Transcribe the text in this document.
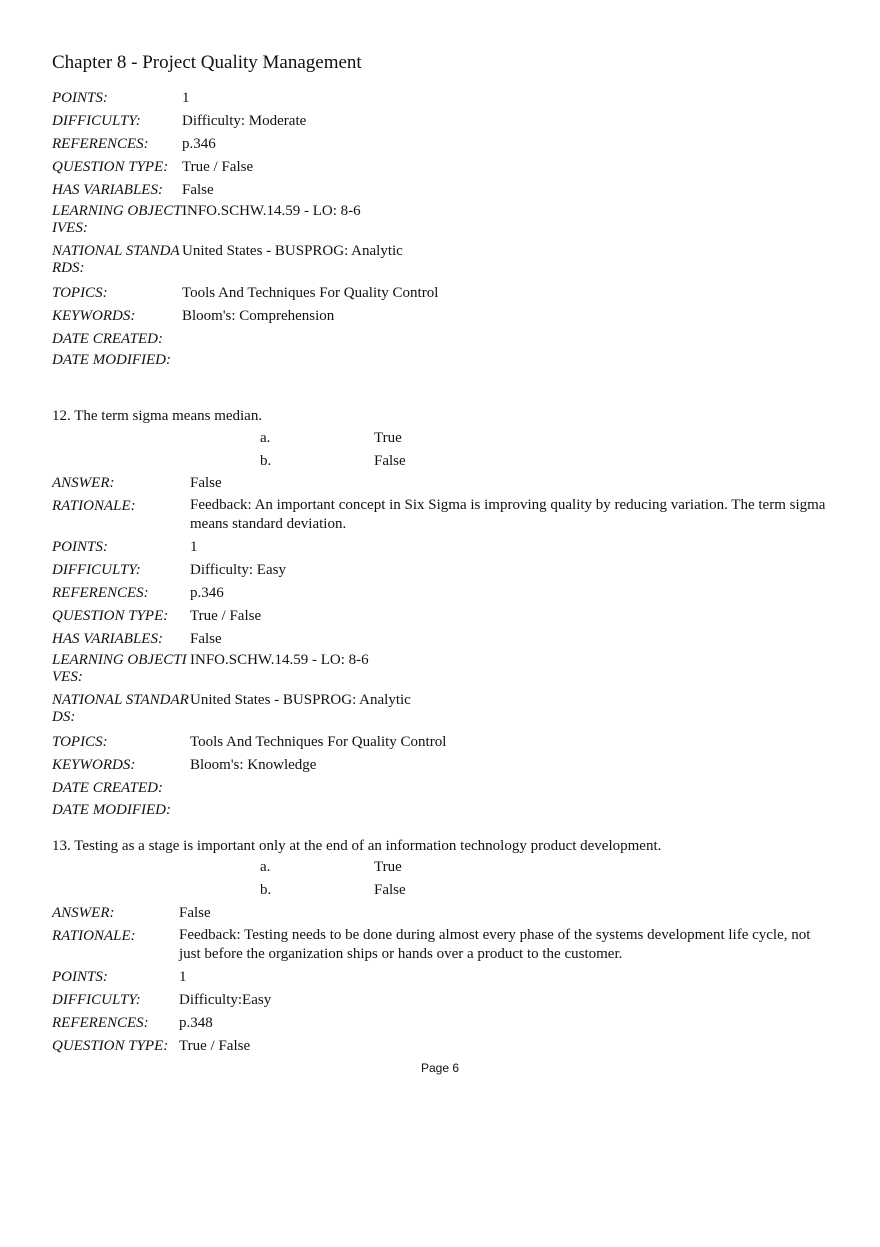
Chapter 8 - Project Quality Management
POINTS:	1
DIFFICULTY:	Difficulty: Moderate
REFERENCES: p.346
QUESTION TYPE: True / False
HAS VARIABLES: False
LEARNING OBJECTIVES:
INFO.SCHW.14.59 - LO: 8-6
NATIONAL STANDARDS:
United States - BUSPROG: Analytic
TOPICS:	Tools And Techniques For Quality Control
KEYWORDS:	Bloom's: Comprehension
DATE CREATED:
DATE MODIFIED:

12. The term sigma means median.

a.	True
b.	False
ANSWER:	False
RATIONALE:	Feedback: An important concept in Six Sigma is improving quality by reducing variation. The term sigma means standard deviation.
POINTS:	1
DIFFICULTY:	Difficulty: Easy
REFERENCES:	p.346
QUESTION TYPE: True / False
HAS VARIABLES: False
LEARNING OBJECTIVES:
INFO.SCHW.14.59 - LO: 8-6
NATIONAL STANDARDS:
United States - BUSPROG: Analytic
TOPICS:	Tools And Techniques For Quality Control
KEYWORDS:	Bloom's: Knowledge
DATE CREATED:
DATE MODIFIED:

13. Testing as a stage is important only at the end of an information technology product development.

a.	True
b.	False
ANSWER:	False
RATIONALE:	Feedback: Testing needs to be done during almost every phase of the systems development life cycle, not just before the organization ships or hands over a product to the customer.
POINTS:	1
DIFFICULTY:	Difficulty:Easy
REFERENCES: p.348
QUESTION TYPE: True / False
Page 6
